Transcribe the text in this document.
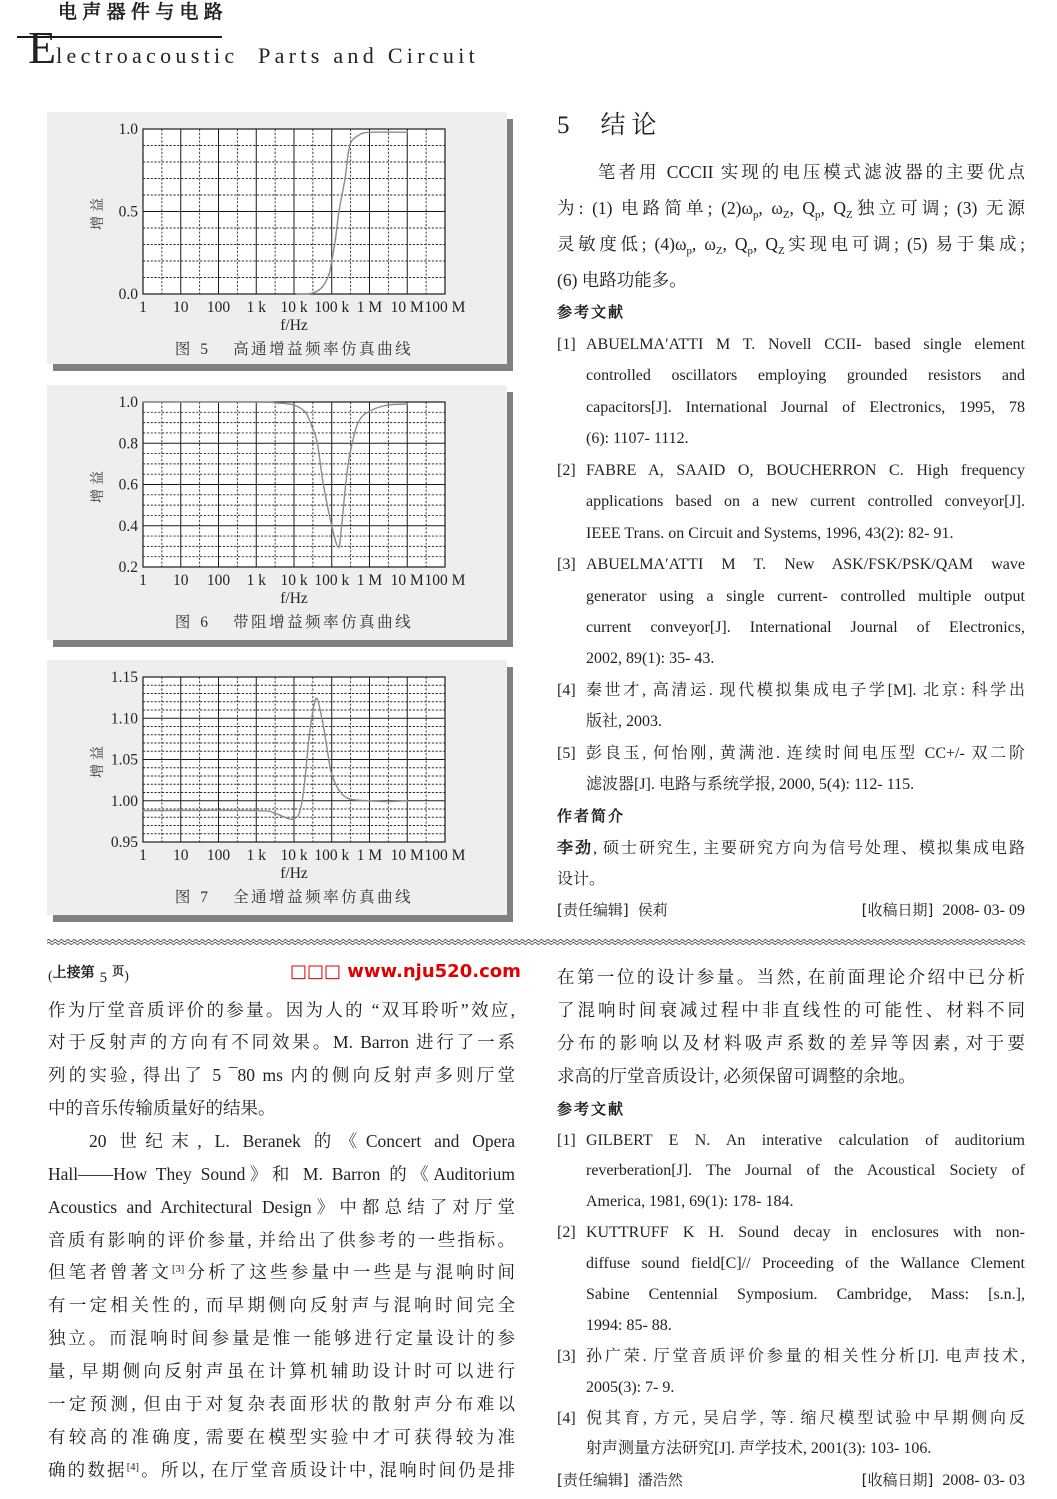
电声器件与电路
Electroacoustic  Parts and Circuit
1 10 100 1 k 10 k 100 k 1 M 10 M 100 M
0.0
0.5
1.0
增益
f/Hz
图 5 高通增益频率仿真曲线
1 10 100 1 k 10 k 100 k 1 M 10 M 100 M
0.2
0.4
0.6
0.8
1.0
增益
f/Hz
图 6 带阻增益频率仿真曲线
1 10 100 1 k 10 k 100 k 1 M 10 M 100 M
0.95
1.00
1.05
1.10
1.15
增益
f/Hz
图 7 全通增益频率仿真曲线
5 结论
笔者用 CCCII 实现的电压模式滤波器的主要优点
为: (1) 电路简单; $(2)\omega_p$, $\omega_Z$, $Q_p$, $Q_Z$独立可调; (3) 无源
灵敏度低; $(4)\omega_p$, $\omega_Z$, $Q_p$, $Q_Z$实现电可调; (5) 易于集成;
(6) 电路功能多。
参考文献
[1] ABUELMA′ATTI M T. Novell CCII- based single element
controlled oscillators employing grounded resistors and
capacitors[J]. International Journal of Electronics, 1995, 78
(6): 1107- 1112.
[2] FABRE A, SAAID O, BOUCHERRON C. High frequency
applications based on a new current controlled conveyor[J].
IEEE Trans. on Circuit and Systems, 1996, 43(2): 82- 91.
[3] ABUELMA′ATTI M T. New ASK/FSK/PSK/QAM wave
generator using a single current- controlled multiple output
current conveyor[J]. International Journal of Electronics,
2002, 89(1): 35- 43.
[4] 秦世才, 高清运. 现代模拟集成电子学[M]. 北京: 科学出
版社, 2003.
[5] 彭良玉, 何怡刚, 黄满池. 连续时间电压型 CC+/- 双二阶
滤波器[J]. 电路与系统学报, 2000, 5(4): 112- 115.
作者简介
李劲, 硕士研究生, 主要研究方向为信号处理、模拟集成电路
设计。
[责任编辑] 侯莉	[收稿日期] 2008- 03- 09
(上接第 5 页)
作为厅堂音质评价的参量。因为人的 “双耳聆听”效应,
对于反射声的方向有不同效果。M. Barron 进行了一系
列的实验, 得出了 5 ¯80 ms 内的侧向反射声多则厅堂
中的音乐传输质量好的结果。
20 世纪末, L. Beranek 的《Concert and Opera
Hall——How They Sound》和 M. Barron 的《Auditorium
Acoustics and Architectural Design》中都总结了对厅堂
音质有影响的评价参量, 并给出了供参考的一些指标。
但笔者曾著文[3]分析了这些参量中一些是与混响时间
有一定相关性的, 而早期侧向反射声与混响时间完全
独立。而混响时间参量是惟一能够进行定量设计的参
量, 早期侧向反射声虽在计算机辅助设计时可以进行
一定预测, 但由于对复杂表面形状的散射声分布难以
有较高的准确度, 需要在模型实验中才可获得较为准
确的数据[4]。所以, 在厅堂音质设计中, 混响时间仍是排
在第一位的设计参量。当然, 在前面理论介绍中已分析
了混响时间衰减过程中非直线性的可能性、材料不同
分布的影响以及材料吸声系数的差异等因素, 对于要
求高的厅堂音质设计, 必须保留可调整的余地。
参考文献
[1] GILBERT E N. An interative calculation of auditorium
reverberation[J]. The Journal of the Acoustical Society of
America, 1981, 69(1): 178- 184.
[2] KUTTRUFF K H. Sound decay in enclosures with non-
diffuse sound field[C]// Proceeding of the Wallance Clement
Sabine Centennial Symposium. Cambridge, Mass: [s.n.],
1994: 85- 88.
[3] 孙广荣. 厅堂音质评价参量的相关性分析[J]. 电声技术,
2005(3): 7- 9.
[4] 倪其育, 方元, 吴启学, 等. 缩尺模型试验中早期侧向反
射声测量方法研究[J]. 声学技术, 2001(3): 103- 106.
[责任编辑] 潘浩然	[收稿日期] 2008- 03- 03
□□□ www.nju520.com
